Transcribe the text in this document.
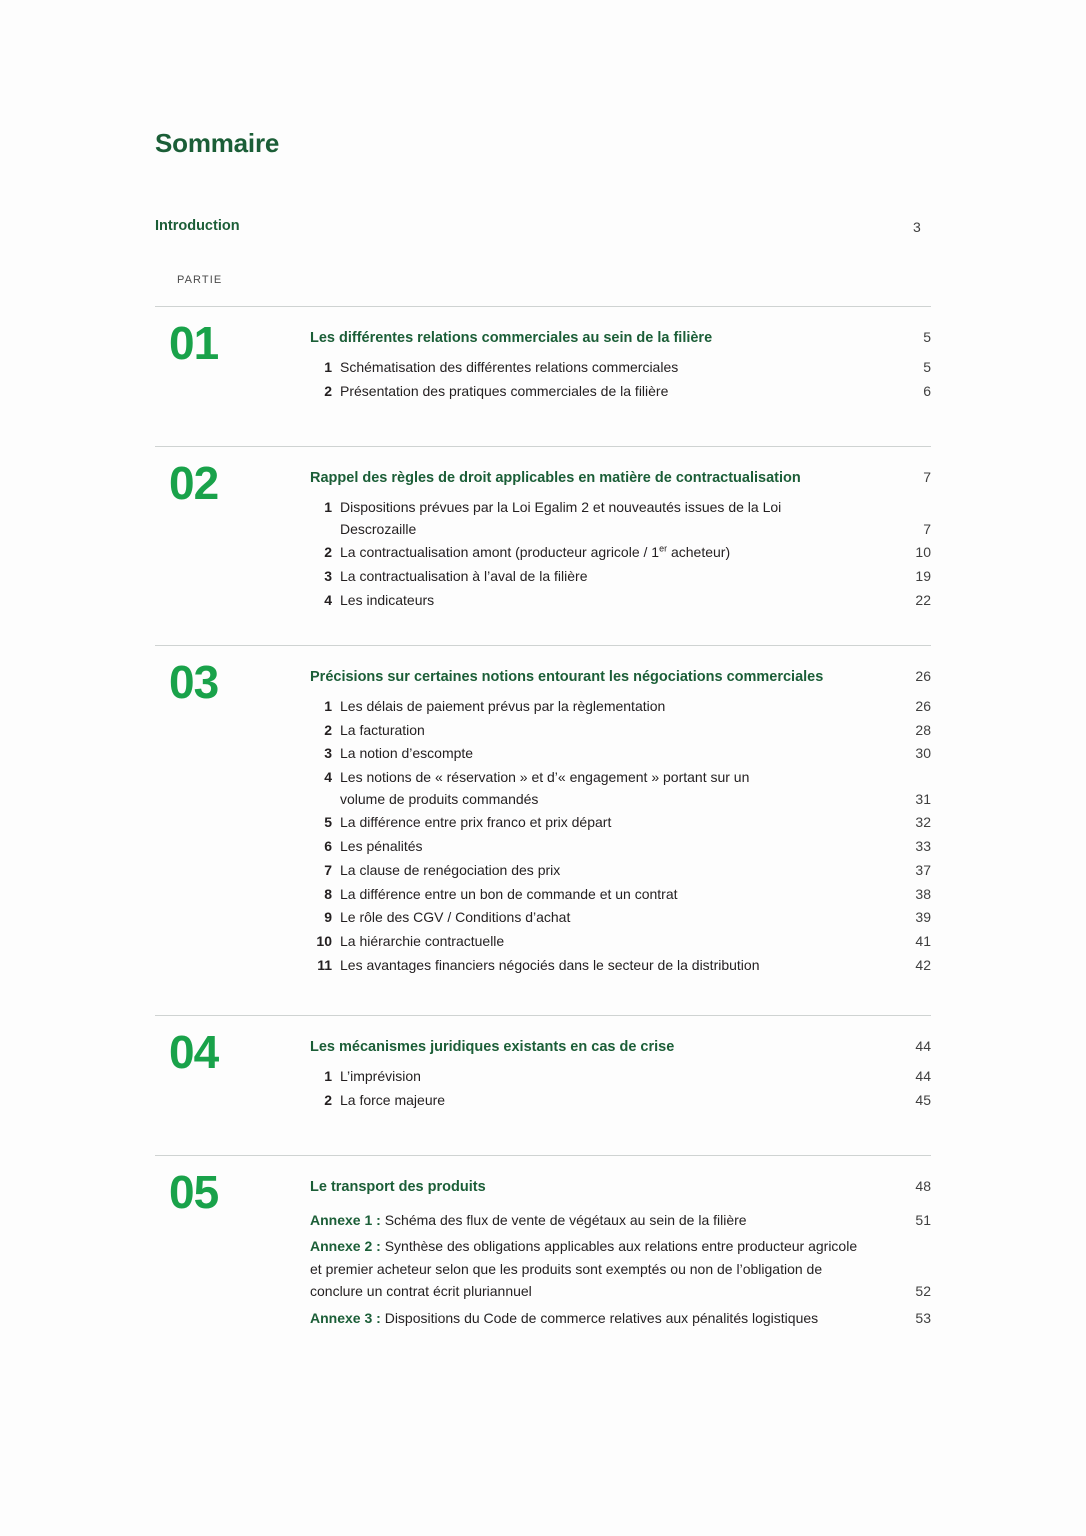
Sommaire
Introduction	3
PARTIE
01	Les différentes relations commerciales au sein de la filière	5
1 Schématisation des différentes relations commerciales	5
2 Présentation des pratiques commerciales de la filière	6
02	Rappel des règles de droit applicables en matière de contractualisation	7
1 Dispositions prévues par la Loi Egalim 2 et nouveautés issues de la Loi Descrozaille	7
2 La contractualisation amont (producteur agricole / 1er acheteur)	10
3 La contractualisation à l’aval de la filière	19
4 Les indicateurs	22
03	Précisions sur certaines notions entourant les négociations commerciales	26
1 Les délais de paiement prévus par la règlementation	26
2 La facturation	28
3 La notion d’escompte	30
4 Les notions de « réservation » et d’« engagement » portant sur un volume de produits commandés	31
5 La différence entre prix franco et prix départ	32
6 Les pénalités	33
7 La clause de renégociation des prix	37
8 La différence entre un bon de commande et un contrat	38
9 Le rôle des CGV / Conditions d’achat	39
10 La hiérarchie contractuelle	41
11 Les avantages financiers négociés dans le secteur de la distribution	42
04	Les mécanismes juridiques existants en cas de crise	44
1 L’imprévision	44
2 La force majeure	45
05	Le transport des produits	48
Annexe 1 : Schéma des flux de vente de végétaux au sein de la filière	51
Annexe 2 : Synthèse des obligations applicables aux relations entre producteur agricole et premier acheteur selon que les produits sont exemptés ou non de l’obligation de conclure un contrat écrit pluriannuel	52
Annexe 3 : Dispositions du Code de commerce relatives aux pénalités logistiques	53
